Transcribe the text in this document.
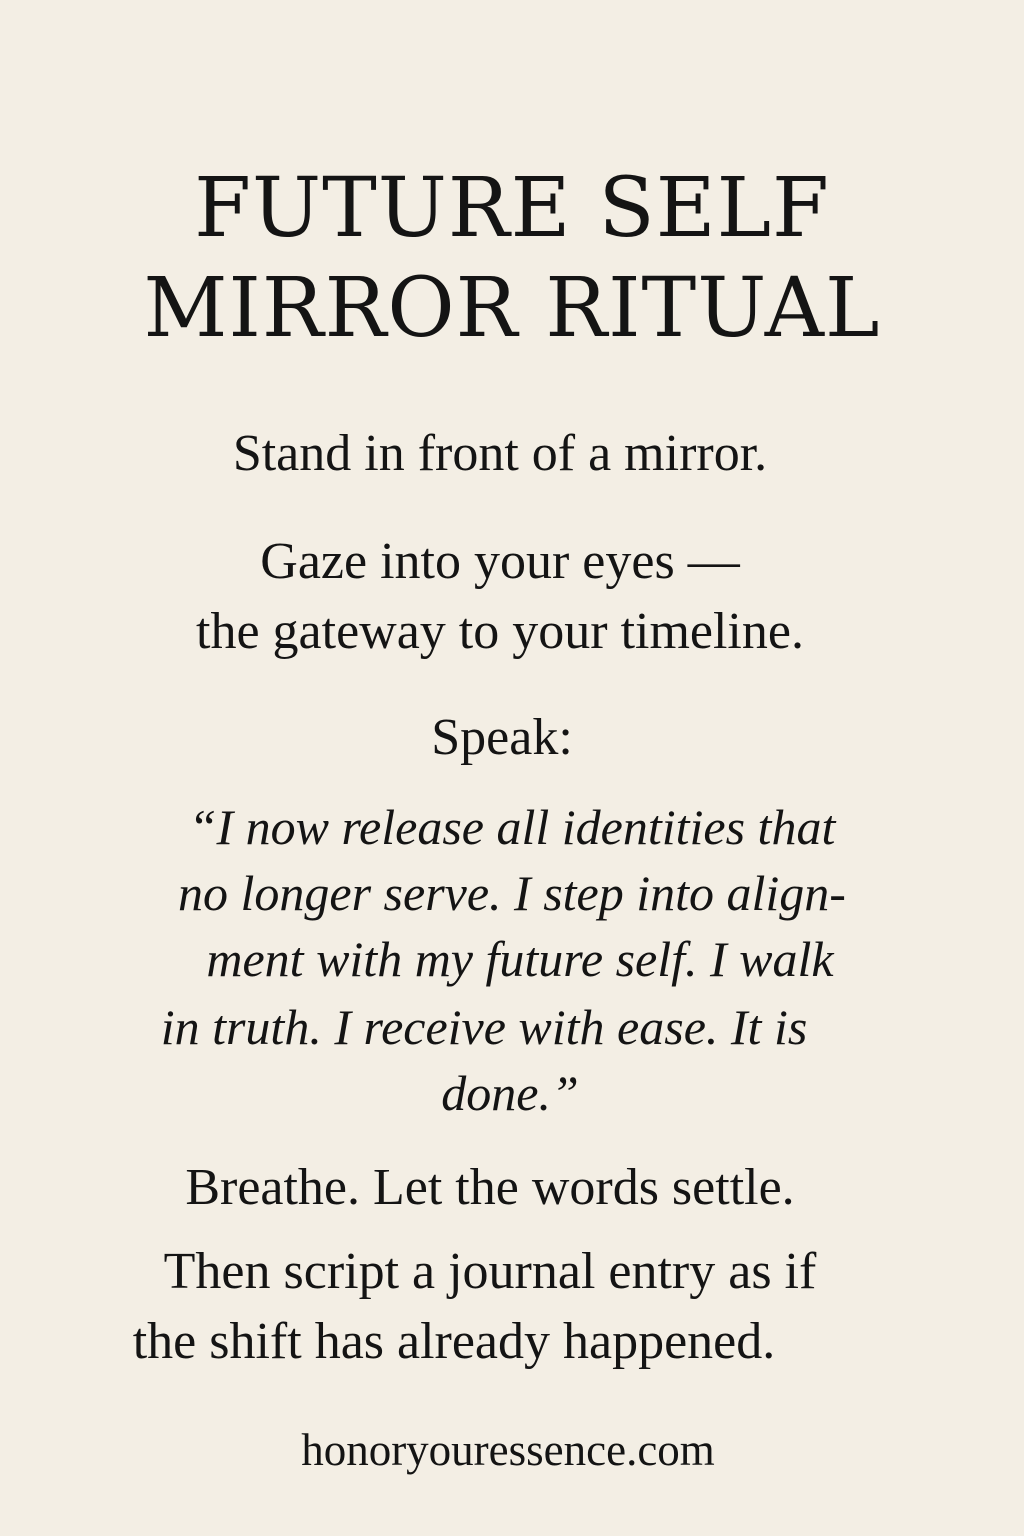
FUTURE SELF
MIRROR RITUAL
Stand in front of a mirror.
Gaze into your eyes —
the gateway to your timeline.
Speak:
“I now release all identities that
no longer serve. I step into align-
ment with my future self. I walk
in truth. I receive with ease. It is
done.”
Breathe. Let the words settle.
Then script a journal entry as if
the shift has already happened.
honoryouressence.com
